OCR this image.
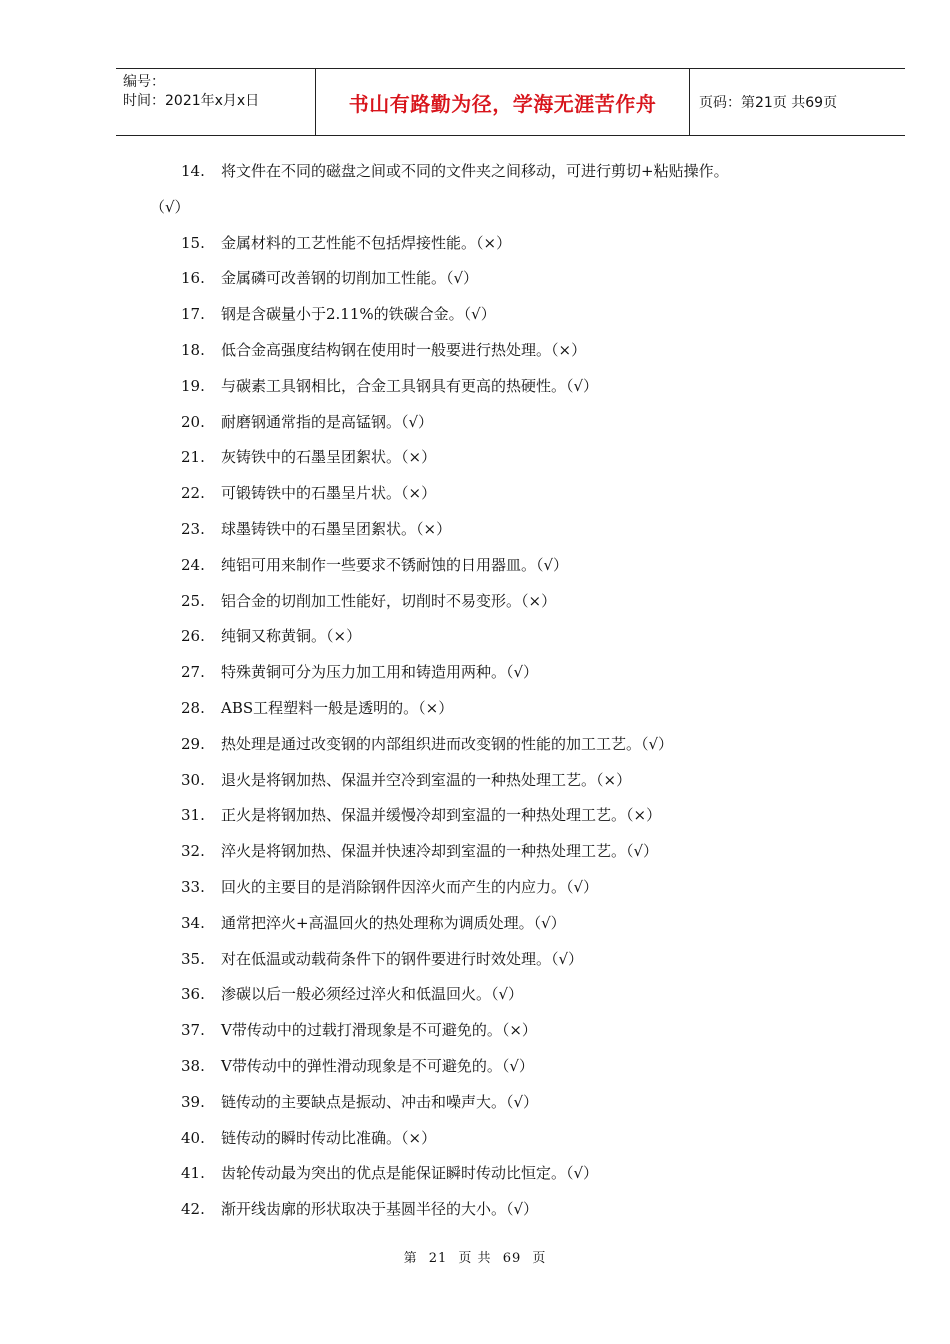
编号：
时间：2021年x月x日	书山有路勤为径，学海无涯苦作舟	页码：第21页 共69页
14. 将文件在不同的磁盘之间或不同的文件夹之间移动，可进行剪切+粘贴操作。
（√）
15. 金属材料的工艺性能不包括焊接性能。（×）
16. 金属磷可改善钢的切削加工性能。（√）
17. 钢是含碳量小于2.11%的铁碳合金。（√）
18. 低合金高强度结构钢在使用时一般要进行热处理。（×）
19. 与碳素工具钢相比，合金工具钢具有更高的热硬性。（√）
20. 耐磨钢通常指的是高锰钢。（√）
21. 灰铸铁中的石墨呈团絮状。（×）
22. 可锻铸铁中的石墨呈片状。（×）
23. 球墨铸铁中的石墨呈团絮状。（×）
24. 纯铝可用来制作一些要求不锈耐蚀的日用器皿。（√）
25. 铝合金的切削加工性能好，切削时不易变形。（×）
26. 纯铜又称黄铜。（×）
27. 特殊黄铜可分为压力加工用和铸造用两种。（√）
28. ABS工程塑料一般是透明的。（×）
29. 热处理是通过改变钢的内部组织进而改变钢的性能的加工工艺。（√）
30. 退火是将钢加热、保温并空冷到室温的一种热处理工艺。（×）
31. 正火是将钢加热、保温并缓慢冷却到室温的一种热处理工艺。（×）
32. 淬火是将钢加热、保温并快速冷却到室温的一种热处理工艺。（√）
33. 回火的主要目的是消除钢件因淬火而产生的内应力。（√）
34. 通常把淬火+高温回火的热处理称为调质处理。（√）
35. 对在低温或动载荷条件下的钢件要进行时效处理。（√）
36. 渗碳以后一般必须经过淬火和低温回火。（√）
37. V带传动中的过载打滑现象是不可避免的。（×）
38. V带传动中的弹性滑动现象是不可避免的。（√）
39. 链传动的主要缺点是振动、冲击和噪声大。（√）
40. 链传动的瞬时传动比准确。（×）
41. 齿轮传动最为突出的优点是能保证瞬时传动比恒定。（√）
42. 渐开线齿廓的形状取决于基圆半径的大小。（√）
第 21 页 共 69 页
